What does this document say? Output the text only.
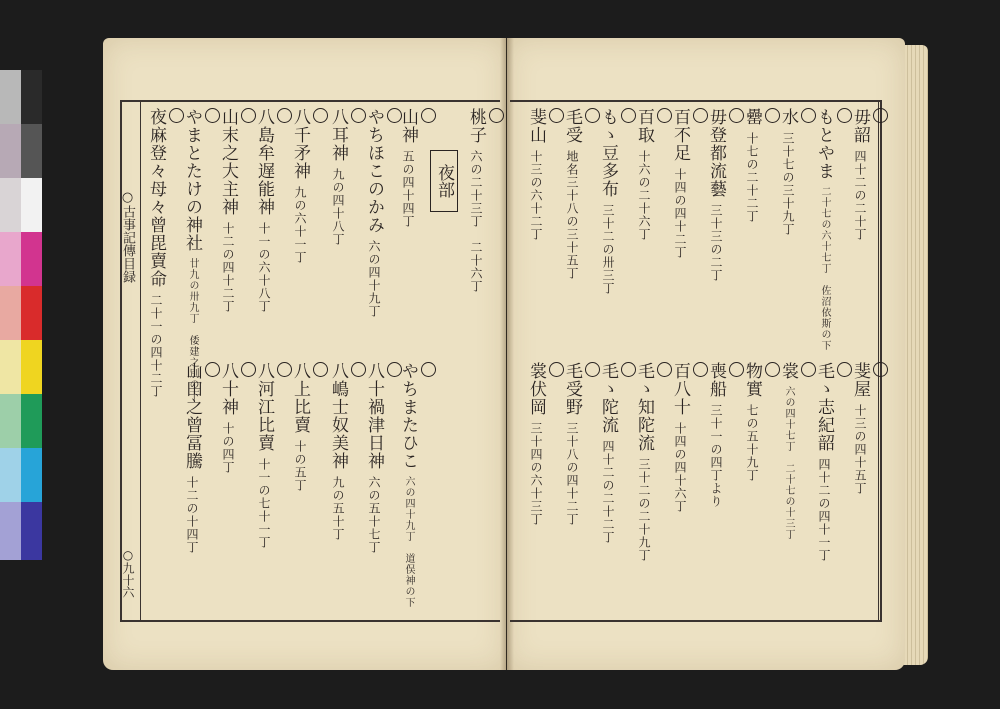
○古事記傳目録
○九十六
夜部
桃子六の二十三丁　二十六丁
山神五の四十四丁
やちほこのかみ六の四十九丁
八耳神九の四十八丁
八千矛神九の六十一丁
八島牟遅能神十一の六十八丁
山末之大主神十二の四十二丁
やまとたけの神社廿九の卅九丁　倭建之別の下
夜麻登々母々曾毘賣命二十一の四十二丁
やちまたひこ六の四十九丁　道俣神の下
八十禍津日神六の五十七丁
八嶋士奴美神九の五十丁
八上比賣十の五丁
八河江比賣十一の七十一丁
八十神十の四丁
山田之曾冨騰十二の十四丁
毋韶四十二の二十丁
もとやま二十七の六十七丁　佐沼依斯の下
水三十七の三十九丁
罍十七の二十二丁
毋登都流藝三十三の二丁
百不足十四の四十二丁
百取十六の二十六丁
もゝ豆多布三十二の卅三丁
毛受地名三十八の三十五丁
斐山十三の六十二丁
斐屋十三の四十五丁
毛ゝ志紀韶四十二の四十一丁
裳六の四十七丁　二十七の十三丁
物實七の五十九丁
喪船三十一の四丁より
百八十十四の四十六丁
毛ゝ知陀流三十二の二十九丁
毛ゝ陀流四十二の二十二丁
毛受野三十八の四十二丁
裳伏岡三十四の六十三丁
